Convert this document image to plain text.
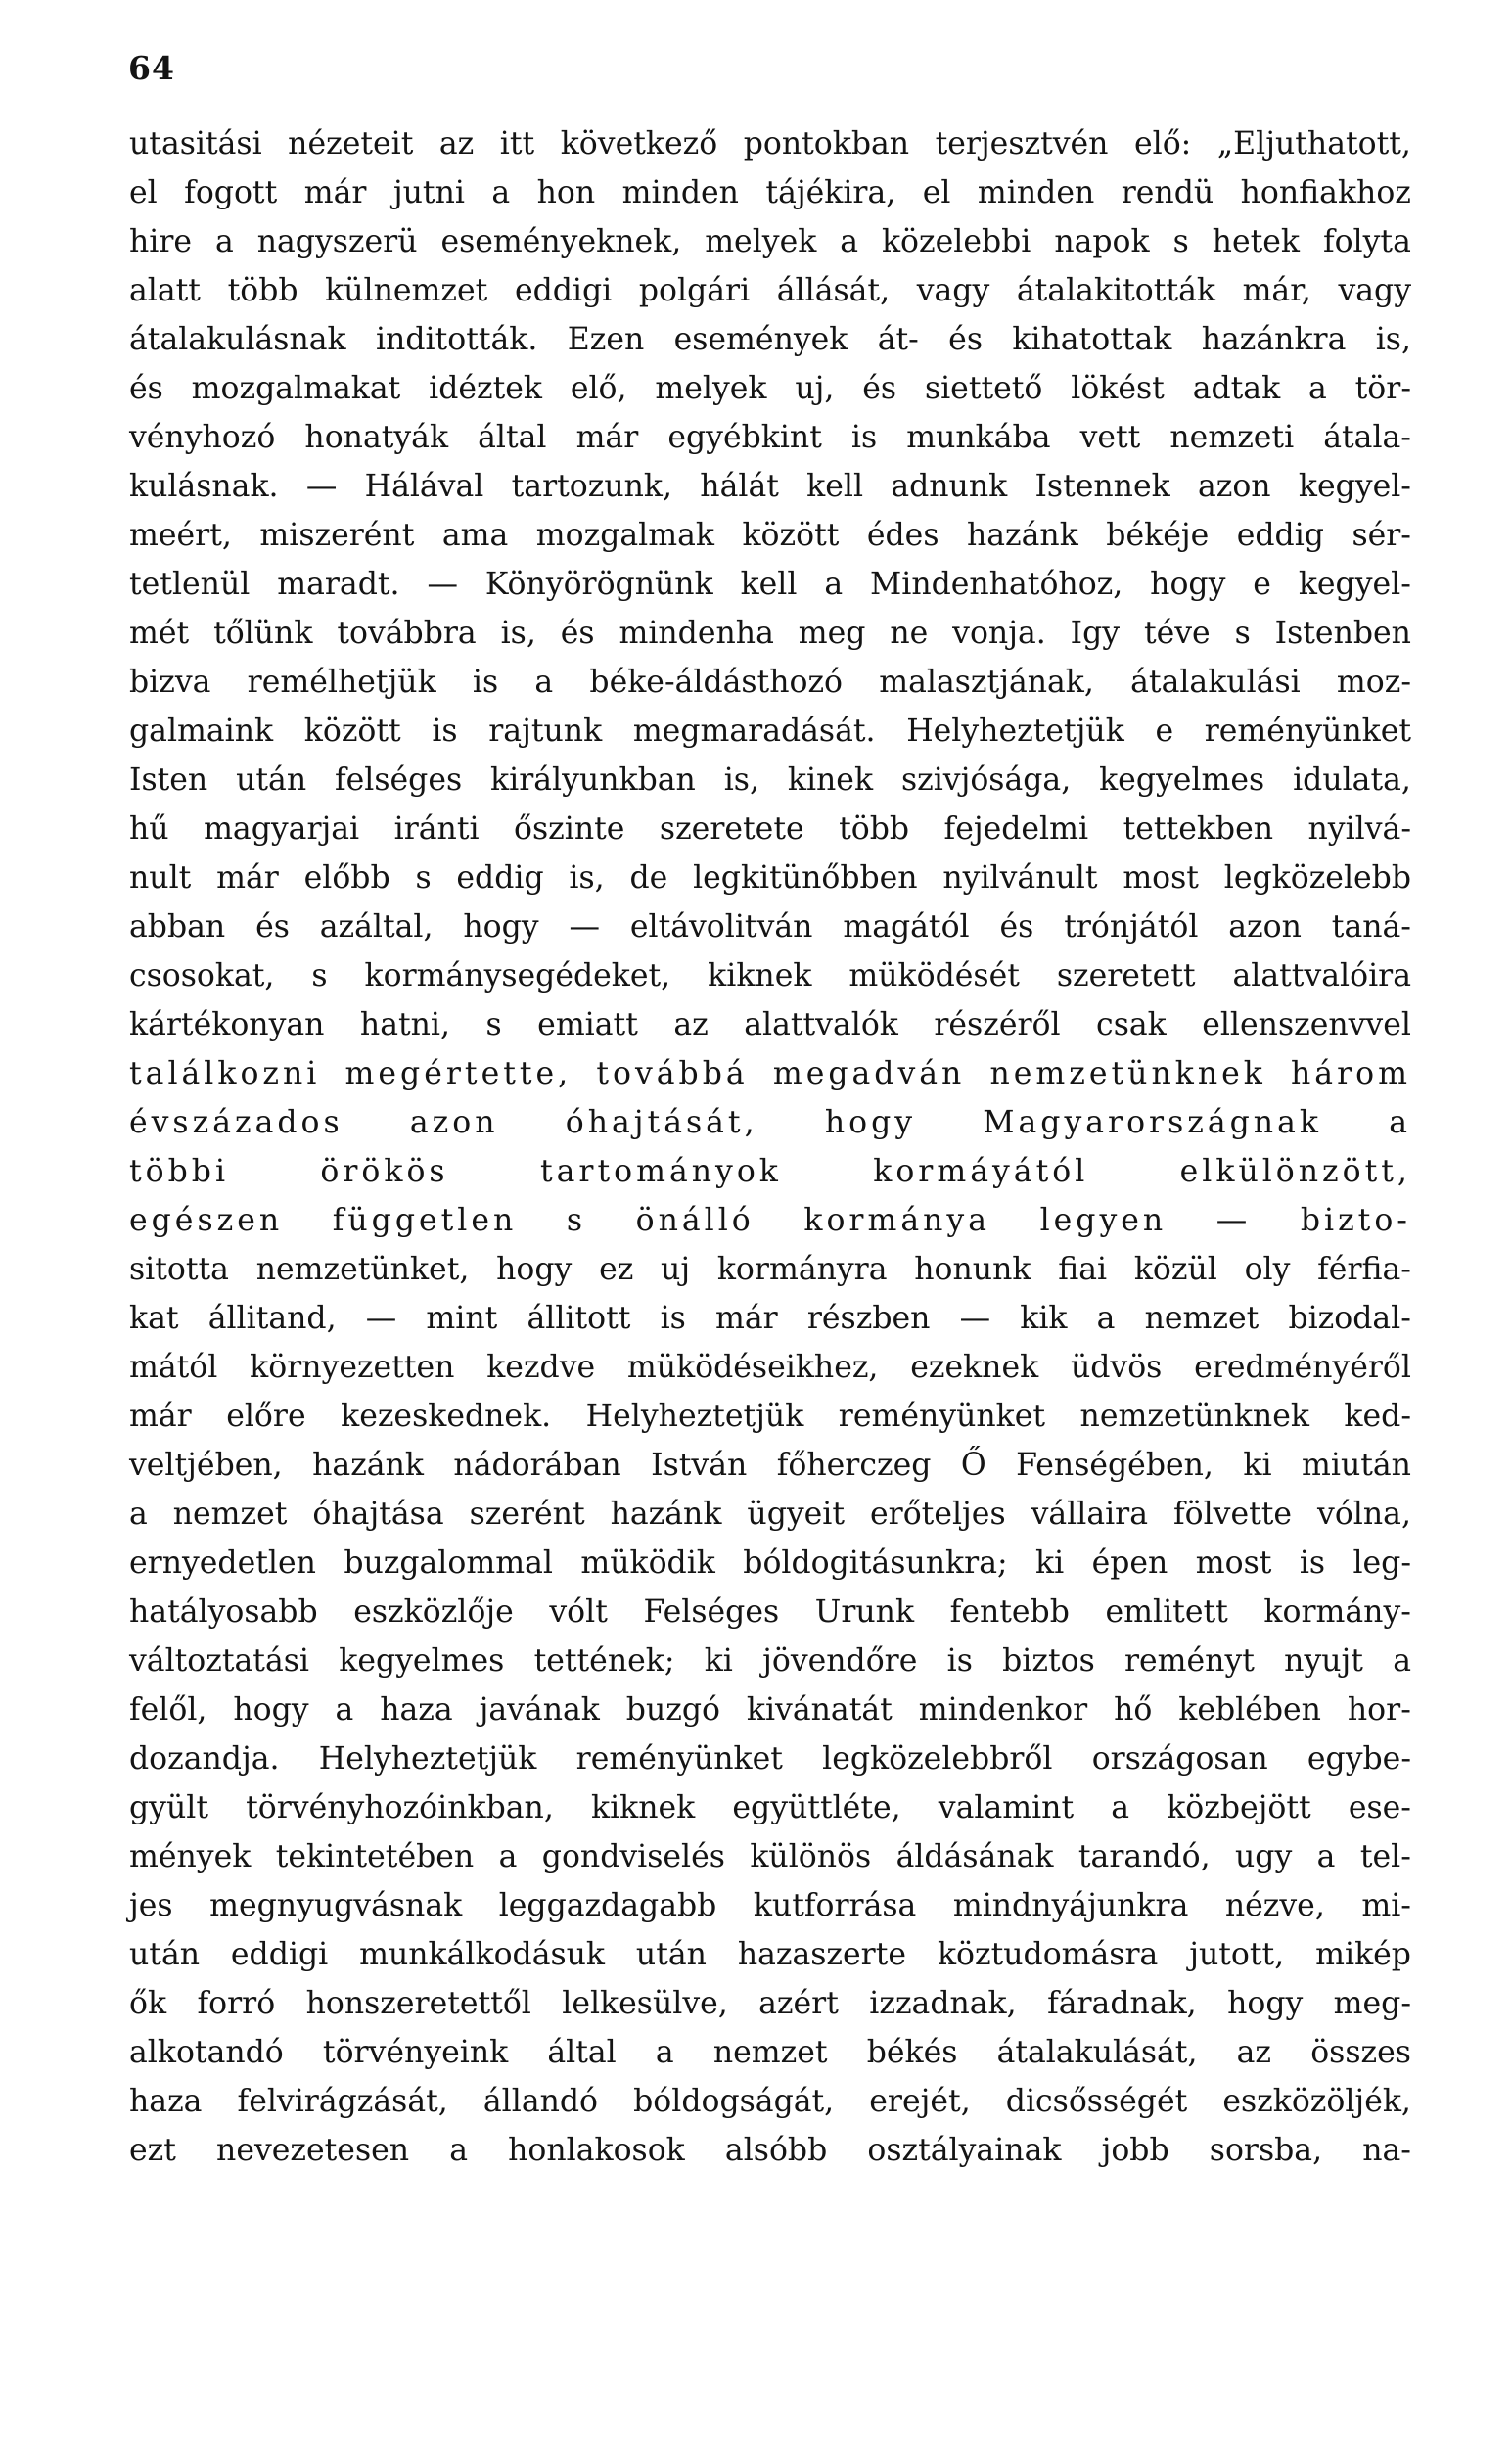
64
utasitási nézeteit az itt következő pontokban terjesztvén elő: „Eljuthatott,
el fogott már jutni a hon minden tájékira, el minden rendü honfiakhoz
hire a nagyszerü eseményeknek, melyek a közelebbi napok s hetek folyta
alatt több külnemzet eddigi polgári állását, vagy átalakitották már, vagy
átalakulásnak inditották. Ezen események át- és kihatottak hazánkra is,
és mozgalmakat idéztek elő, melyek uj, és siettető lökést adtak a tör-
vényhozó honatyák által már egyébkint is munkába vett nemzeti átala-
kulásnak. — Hálával tartozunk, hálát kell adnunk Istennek azon kegyel-
meért, miszerént ama mozgalmak között édes hazánk békéje eddig sér-
tetlenül maradt. — Könyörögnünk kell a Mindenhatóhoz, hogy e kegyel-
mét tőlünk továbbra is, és mindenha meg ne vonja. Igy téve s Istenben
bizva remélhetjük is a béke-áldásthozó malasztjának, átalakulási moz-
galmaink között is rajtunk megmaradását. Helyheztetjük e reményünket
Isten után felséges királyunkban is, kinek szivjósága, kegyelmes idulata,
hű magyarjai iránti őszinte szeretete több fejedelmi tettekben nyilvá-
nult már előbb s eddig is, de legkitünőbben nyilvánult most legközelebb
abban és azáltal, hogy — eltávolitván magától és trónjától azon taná-
csosokat, s kormánysegédeket, kiknek müködését szeretett alattvalóira
kártékonyan hatni, s emiatt az alattvalók részéről csak ellenszenvvel
találkozni megértette, továbbá megadván nemzetünknek három
évszázados azon óhajtását, hogy Magyarországnak a
többi	örökös	tartományok	kormáyától	elkülönzött,
egészen független s önálló kormánya legyen — bizto-
sitotta nemzetünket, hogy ez uj kormányra honunk fiai közül oly férfia-
kat állitand, — mint állitott is már részben — kik a nemzet bizodal-
mától környezetten kezdve müködéseikhez, ezeknek üdvös eredményéről
már előre kezeskednek. Helyheztetjük reményünket nemzetünknek ked-
veltjében, hazánk nádorában István főherczeg Ő Fenségében, ki miután
a nemzet óhajtása szerént hazánk ügyeit erőteljes vállaira fölvette vólna,
ernyedetlen buzgalommal müködik bóldogitásunkra; ki épen most is leg-
hatályosabb eszközlője vólt Felséges Urunk fentebb emlitett kormány-
változtatási kegyelmes tettének; ki jövendőre is biztos reményt nyujt a
felől, hogy a haza javának buzgó kivánatát mindenkor hő keblében hor-
dozandja. Helyheztetjük reményünket legközelebbről országosan egybe-
gyült törvényhozóinkban, kiknek együttléte, valamint a közbejött ese-
mények tekintetében a gondviselés különös áldásának tarandó, ugy a tel-
jes megnyugvásnak leggazdagabb kutforrása mindnyájunkra nézve, mi-
után eddigi munkálkodásuk után hazaszerte köztudomásra jutott, mikép
ők forró honszeretettől lelkesülve, azért izzadnak, fáradnak, hogy meg-
alkotandó törvényeink által a nemzet békés átalakulását, az összes
haza felvirágzását, állandó bóldogságát, erejét, dicsősségét eszközöljék,
ezt nevezetesen a honlakosok alsóbb osztályainak jobb sorsba, na-
